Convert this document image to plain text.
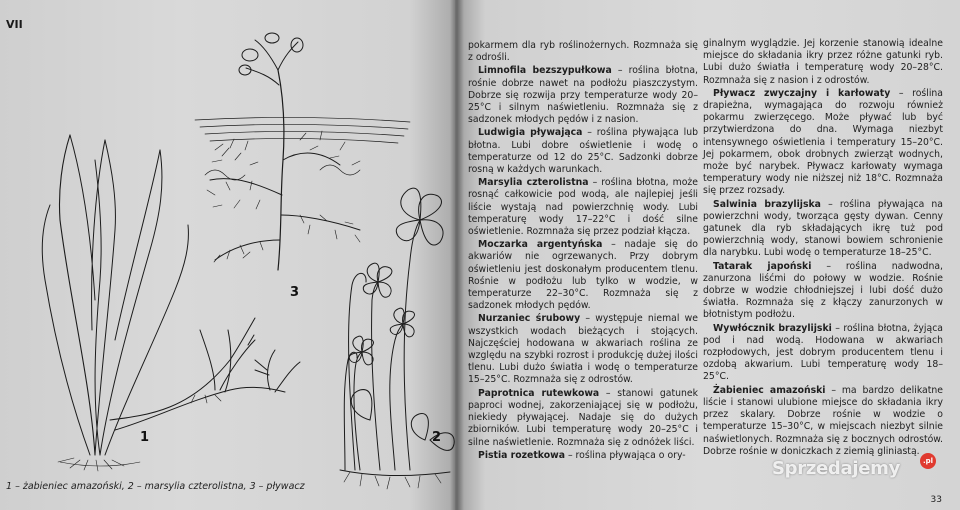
VII
1	2
3
1 – żabieniec amazoński, 2 – marsylia czterolistna, 3 – pływacz

pokarmem dla ryb roślinożernych. Rozmnaża się z odrośli.

Limnofila bezszypułkowa – roślina błotna, rośnie dobrze nawet na podłożu piaszczystym. Dobrze się rozwija przy temperaturze wody 20–25°C i silnym naświetleniu. Rozmnaża się z sadzonek młodych pędów i z nasion.

Ludwigia pływająca – roślina pływająca lub błotna. Lubi dobre oświetlenie i wodę o temperaturze od 12 do 25°C. Sadzonki dobrze rosną w każdych warunkach.

Marsylia czterolistna – roślina błotna, może rosnąć całkowicie pod wodą, ale najlepiej jeśli liście wystają nad powierzchnię wody. Lubi temperaturę wody 17–22°C i dość silne oświetlenie. Rozmnaża się przez podział kłącza.

Moczarka argentyńska – nadaje się do akwariów nie ogrzewanych. Przy dobrym oświetleniu jest doskonałym producentem tlenu. Rośnie w podłożu lub tylko w wodzie, w temperaturze 22–30°C. Rozmnaża się z sadzonek młodych pędów.

Nurzaniec śrubowy – występuje niemal we wszystkich wodach bieżących i stojących. Najczęściej hodowana w akwariach roślina ze względu na szybki rozrost i produkcję dużej ilości tlenu. Lubi dużo światła i wodę o temperaturze 15–25°C. Rozmnaża się z odrostów.

Paprotnica rutewkowa – stanowi gatunek paproci wodnej, zakorzeniającej się w podłożu, niekiedy pływającej. Nadaje się do dużych zbiorników. Lubi temperaturę wody 20–25°C i silne naświetlenie. Rozmnaża się z odnóżek liści.

Pistia rozetkowa – roślina pływająca o ory-

ginalnym wyglądzie. Jej korzenie stanowią idealne miejsce do składania ikry przez różne gatunki ryb. Lubi dużo światła i temperaturę wody 20–28°C. Rozmnaża się z nasion i z odrostów.

Pływacz zwyczajny i karłowaty – roślina drapieżna, wymagająca do rozwoju również pokarmu zwierzęcego. Może pływać lub być przytwierdzona do dna. Wymaga niezbyt intensywnego oświetlenia i temperatury 15–20°C. Jej pokarmem, obok drobnych zwierząt wodnych, może być narybek. Pływacz karłowaty wymaga temperatury wody nie niższej niż 18°C. Rozmnaża się przez rozsady.

Salwinia brazylijska – roślina pływająca na powierzchni wody, tworząca gęsty dywan. Cenny gatunek dla ryb składających ikrę tuż pod powierzchnią wody, stanowi bowiem schronienie dla narybku. Lubi wodę o temperaturze 18–25°C.

Tatarak japoński – roślina nadwodna, zanurzona liśćmi do połowy w wodzie. Rośnie dobrze w wodzie chłodniejszej i lubi dość dużo światła. Rozmnaża się z kłączy zanurzonych w błotnistym podłożu.

Wywłócznik brazylijski – roślina błotna, żyjąca pod i nad wodą. Hodowana w akwariach rozpłodowych, jest dobrym producentem tlenu i ozdobą akwarium. Lubi temperaturę wody 18–25°C.

Żabieniec amazoński – ma bardzo delikatne liście i stanowi ulubione miejsce do składania ikry przez skalary. Dobrze rośnie w wodzie o temperaturze 15–30°C, w miejscach niezbyt silnie naświetlonych. Rozmnaża się z bocznych odrostów. Dobrze rośnie w doniczkach z ziemią gliniastą.

33
Sprzedajemy	.pl
